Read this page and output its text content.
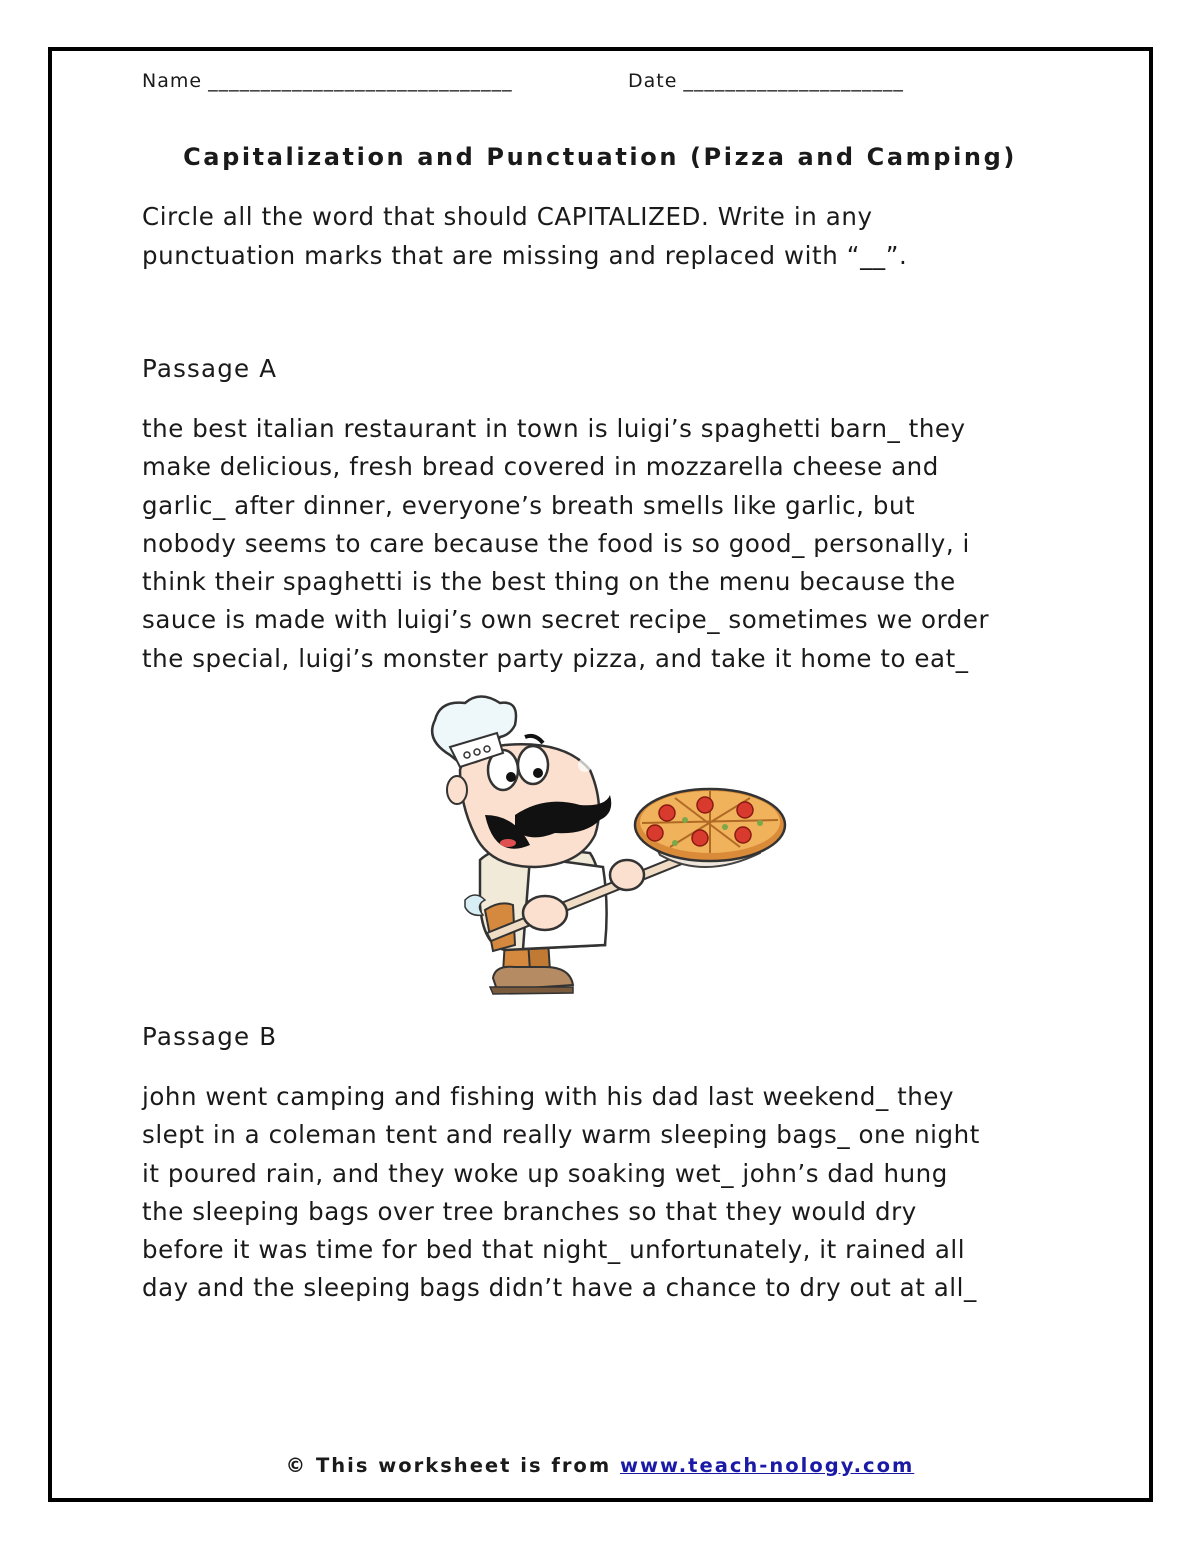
Name _____________________________	Date _____________________
Capitalization and Punctuation (Pizza and Camping)

Circle all the word that should CAPITALIZED. Write in any

punctuation marks that are missing and replaced with “__”.

Passage A

the best italian restaurant in town is luigi’s spaghetti barn_ they

make delicious, fresh bread covered in mozzarella cheese and

garlic_ after dinner, everyone’s breath smells like garlic, but

nobody seems to care because the food is so good_ personally, i

think their spaghetti is the best thing on the menu because the

sauce is made with luigi’s own secret recipe_ sometimes we order

the special, luigi’s monster party pizza, and take it home to eat_

Passage B

john went camping and fishing with his dad last weekend_ they

slept in a coleman tent and really warm sleeping bags_ one night

it poured rain, and they woke up soaking wet_ john’s dad hung

the sleeping bags over tree branches so that they would dry

before it was time for bed that night_ unfortunately, it rained all

day and the sleeping bags didn’t have a chance to dry out at all_

© This worksheet is from www.teach-nology.com
